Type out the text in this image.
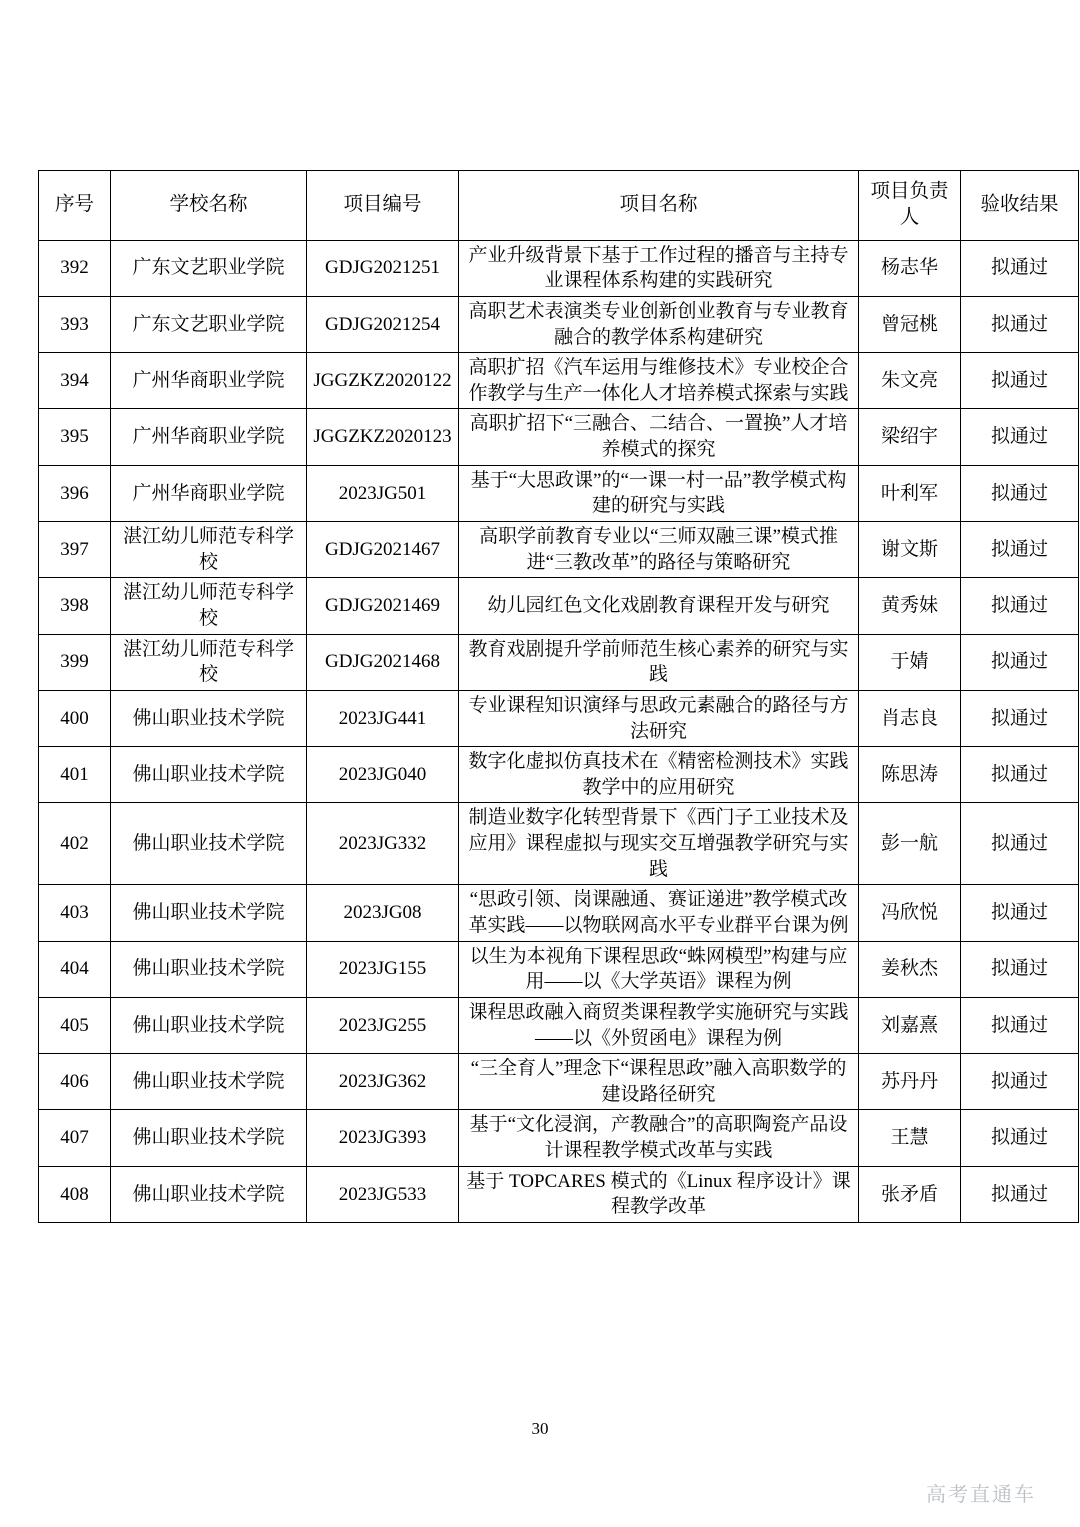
序号	学校名称	项目编号	项目名称	项目负责人	验收结果
392	广东文艺职业学院	GDJG2021251	产业升级背景下基于工作过程的播音与主持专业课程体系构建的实践研究	杨志华	拟通过
393	广东文艺职业学院	GDJG2021254	高职艺术表演类专业创新创业教育与专业教育融合的教学体系构建研究	曾冠桃	拟通过
394	广州华商职业学院	JGGZKZ2020122	高职扩招《汽车运用与维修技术》专业校企合作教学与生产一体化人才培养模式探索与实践	朱文亮	拟通过
395	广州华商职业学院	JGGZKZ2020123	高职扩招下“三融合、二结合、一置换”人才培养模式的探究	梁绍宇	拟通过
396	广州华商职业学院	2023JG501	基于“大思政课”的“一课一村一品”教学模式构建的研究与实践	叶利军	拟通过
397	湛江幼儿师范专科学校	GDJG2021467	高职学前教育专业以“三师双融三课”模式推进“三教改革”的路径与策略研究	谢文斯	拟通过
398	湛江幼儿师范专科学校	GDJG2021469	幼儿园红色文化戏剧教育课程开发与研究	黄秀妹	拟通过
399	湛江幼儿师范专科学校	GDJG2021468	教育戏剧提升学前师范生核心素养的研究与实践	于婧	拟通过
400	佛山职业技术学院	2023JG441	专业课程知识演绎与思政元素融合的路径与方法研究	肖志良	拟通过
401	佛山职业技术学院	2023JG040	数字化虚拟仿真技术在《精密检测技术》实践教学中的应用研究	陈思涛	拟通过
402	佛山职业技术学院	2023JG332	制造业数字化转型背景下《西门子工业技术及应用》课程虚拟与现实交互增强教学研究与实践	彭一航	拟通过
403	佛山职业技术学院	2023JG08	“思政引领、岗课融通、赛证递进”教学模式改革实践——以物联网高水平专业群平台课为例	冯欣悦	拟通过
404	佛山职业技术学院	2023JG155	以生为本视角下课程思政“蛛网模型”构建与应用——以《大学英语》课程为例	姜秋杰	拟通过
405	佛山职业技术学院	2023JG255	课程思政融入商贸类课程教学实施研究与实践——以《外贸函电》课程为例	刘嘉熹	拟通过
406	佛山职业技术学院	2023JG362	“三全育人”理念下“课程思政”融入高职数学的建设路径研究	苏丹丹	拟通过
407	佛山职业技术学院	2023JG393	基于“文化浸润，产教融合”的高职陶瓷产品设计课程教学模式改革与实践	王慧	拟通过
408	佛山职业技术学院	2023JG533	基于 TOPCARES 模式的《Linux 程序设计》课程教学改革	张矛盾	拟通过
30
高考直通车
